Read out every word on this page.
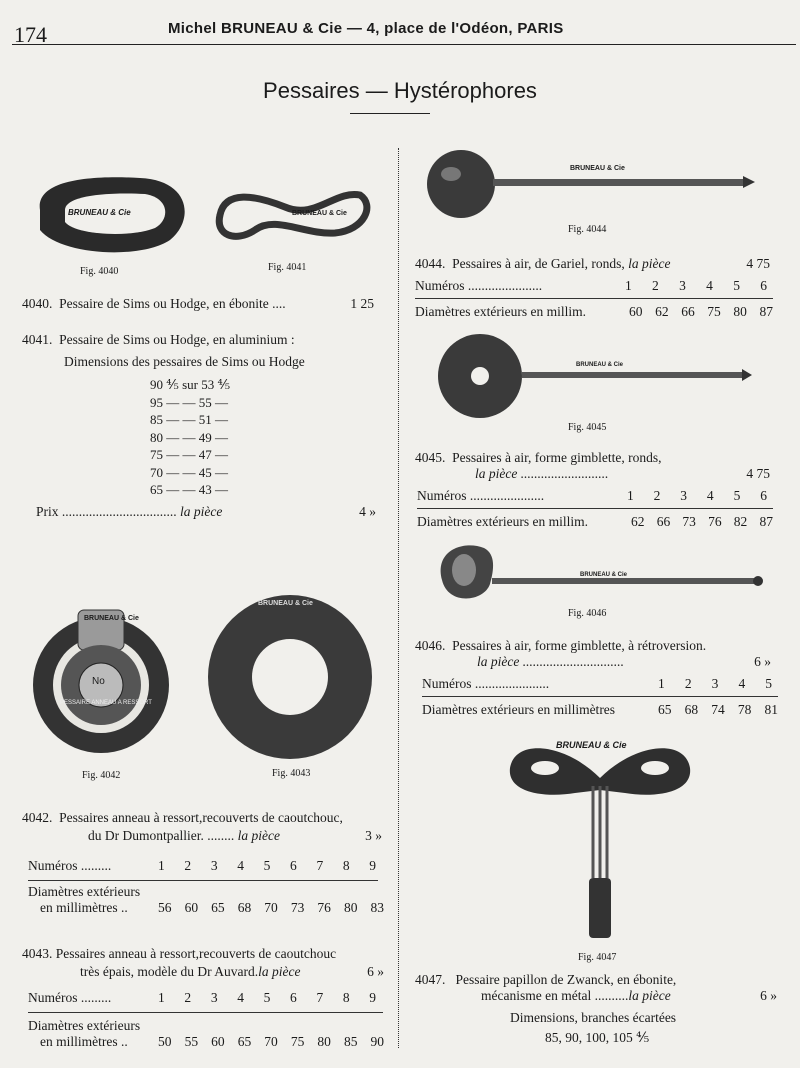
174	Michel BRUNEAU & Cie — 4, place de l'Odéon, PARIS
Pessaires — Hystérophores
BRUNEAU & Cie	BRUNEAU & Cie
Fig. 4040	Fig. 4041
4040. Pessaire de Sims ou Hodge, en ébonite ....	1 25
4041. Pessaire de Sims ou Hodge, en aluminium :
Dimensions des pessaires de Sims ou Hodge
90 ⅘ sur 53 ⅘
95 — — 55 —
85 — — 51 —
80 — — 49 —
75 — — 47 —
70 — — 45 —
65 — — 43 —
Prix .................................. la pièce	4 »
BRUNEAU & Cie
No
PESSAIRE ANNEAU A RESSORT
BRUNEAU & Cie
Fig. 4042	Fig. 4043
4042. Pessaires anneau à ressort,recouverts de caoutchouc,
du Dr Dumontpallier. ........ la pièce	3 »
Numéros .........	1 2 3 4 5 6 7 8 9
Diamètres extérieurs
en millimètres ..	56 60 65 68 70 73 76 80 83
4043. Pessaires anneau à ressort,recouverts de caoutchouc
très épais, modèle du Dr Auvard.la pièce	6 »
Numéros .........	1 2 3 4 5 6 7 8 9
Diamètres extérieurs
en millimètres ..	50 55 60 65 70 75 80 85 90
BRUNEAU & Cie
Fig. 4044
4044. Pessaires à air, de Gariel, ronds, la pièce	4 75
Numéros ......................	1 2 3 4 5 6
Diamètres extérieurs en millim.	60 62 66 75 80 87
BRUNEAU & Cie
Fig. 4045
4045. Pessaires à air, forme gimblette, ronds,
la pièce ..........................	4 75
Numéros ......................	1 2 3 4 5 6
Diamètres extérieurs en millim.	62 66 73 76 82 87
BRUNEAU & Cie
Fig. 4046
4046. Pessaires à air, forme gimblette, à rétroversion.
la pièce ..............................	6 »
Numéros ......................	1 2 3 4 5
Diamètres extérieurs en millimètres	65 68 74 78 81
BRUNEAU & Cie
Fig. 4047
4047. Pessaire papillon de Zwanck, en ébonite,
mécanisme en métal ..........la pièce	6 »
Dimensions, branches écartées
85, 90, 100, 105 ⅘
